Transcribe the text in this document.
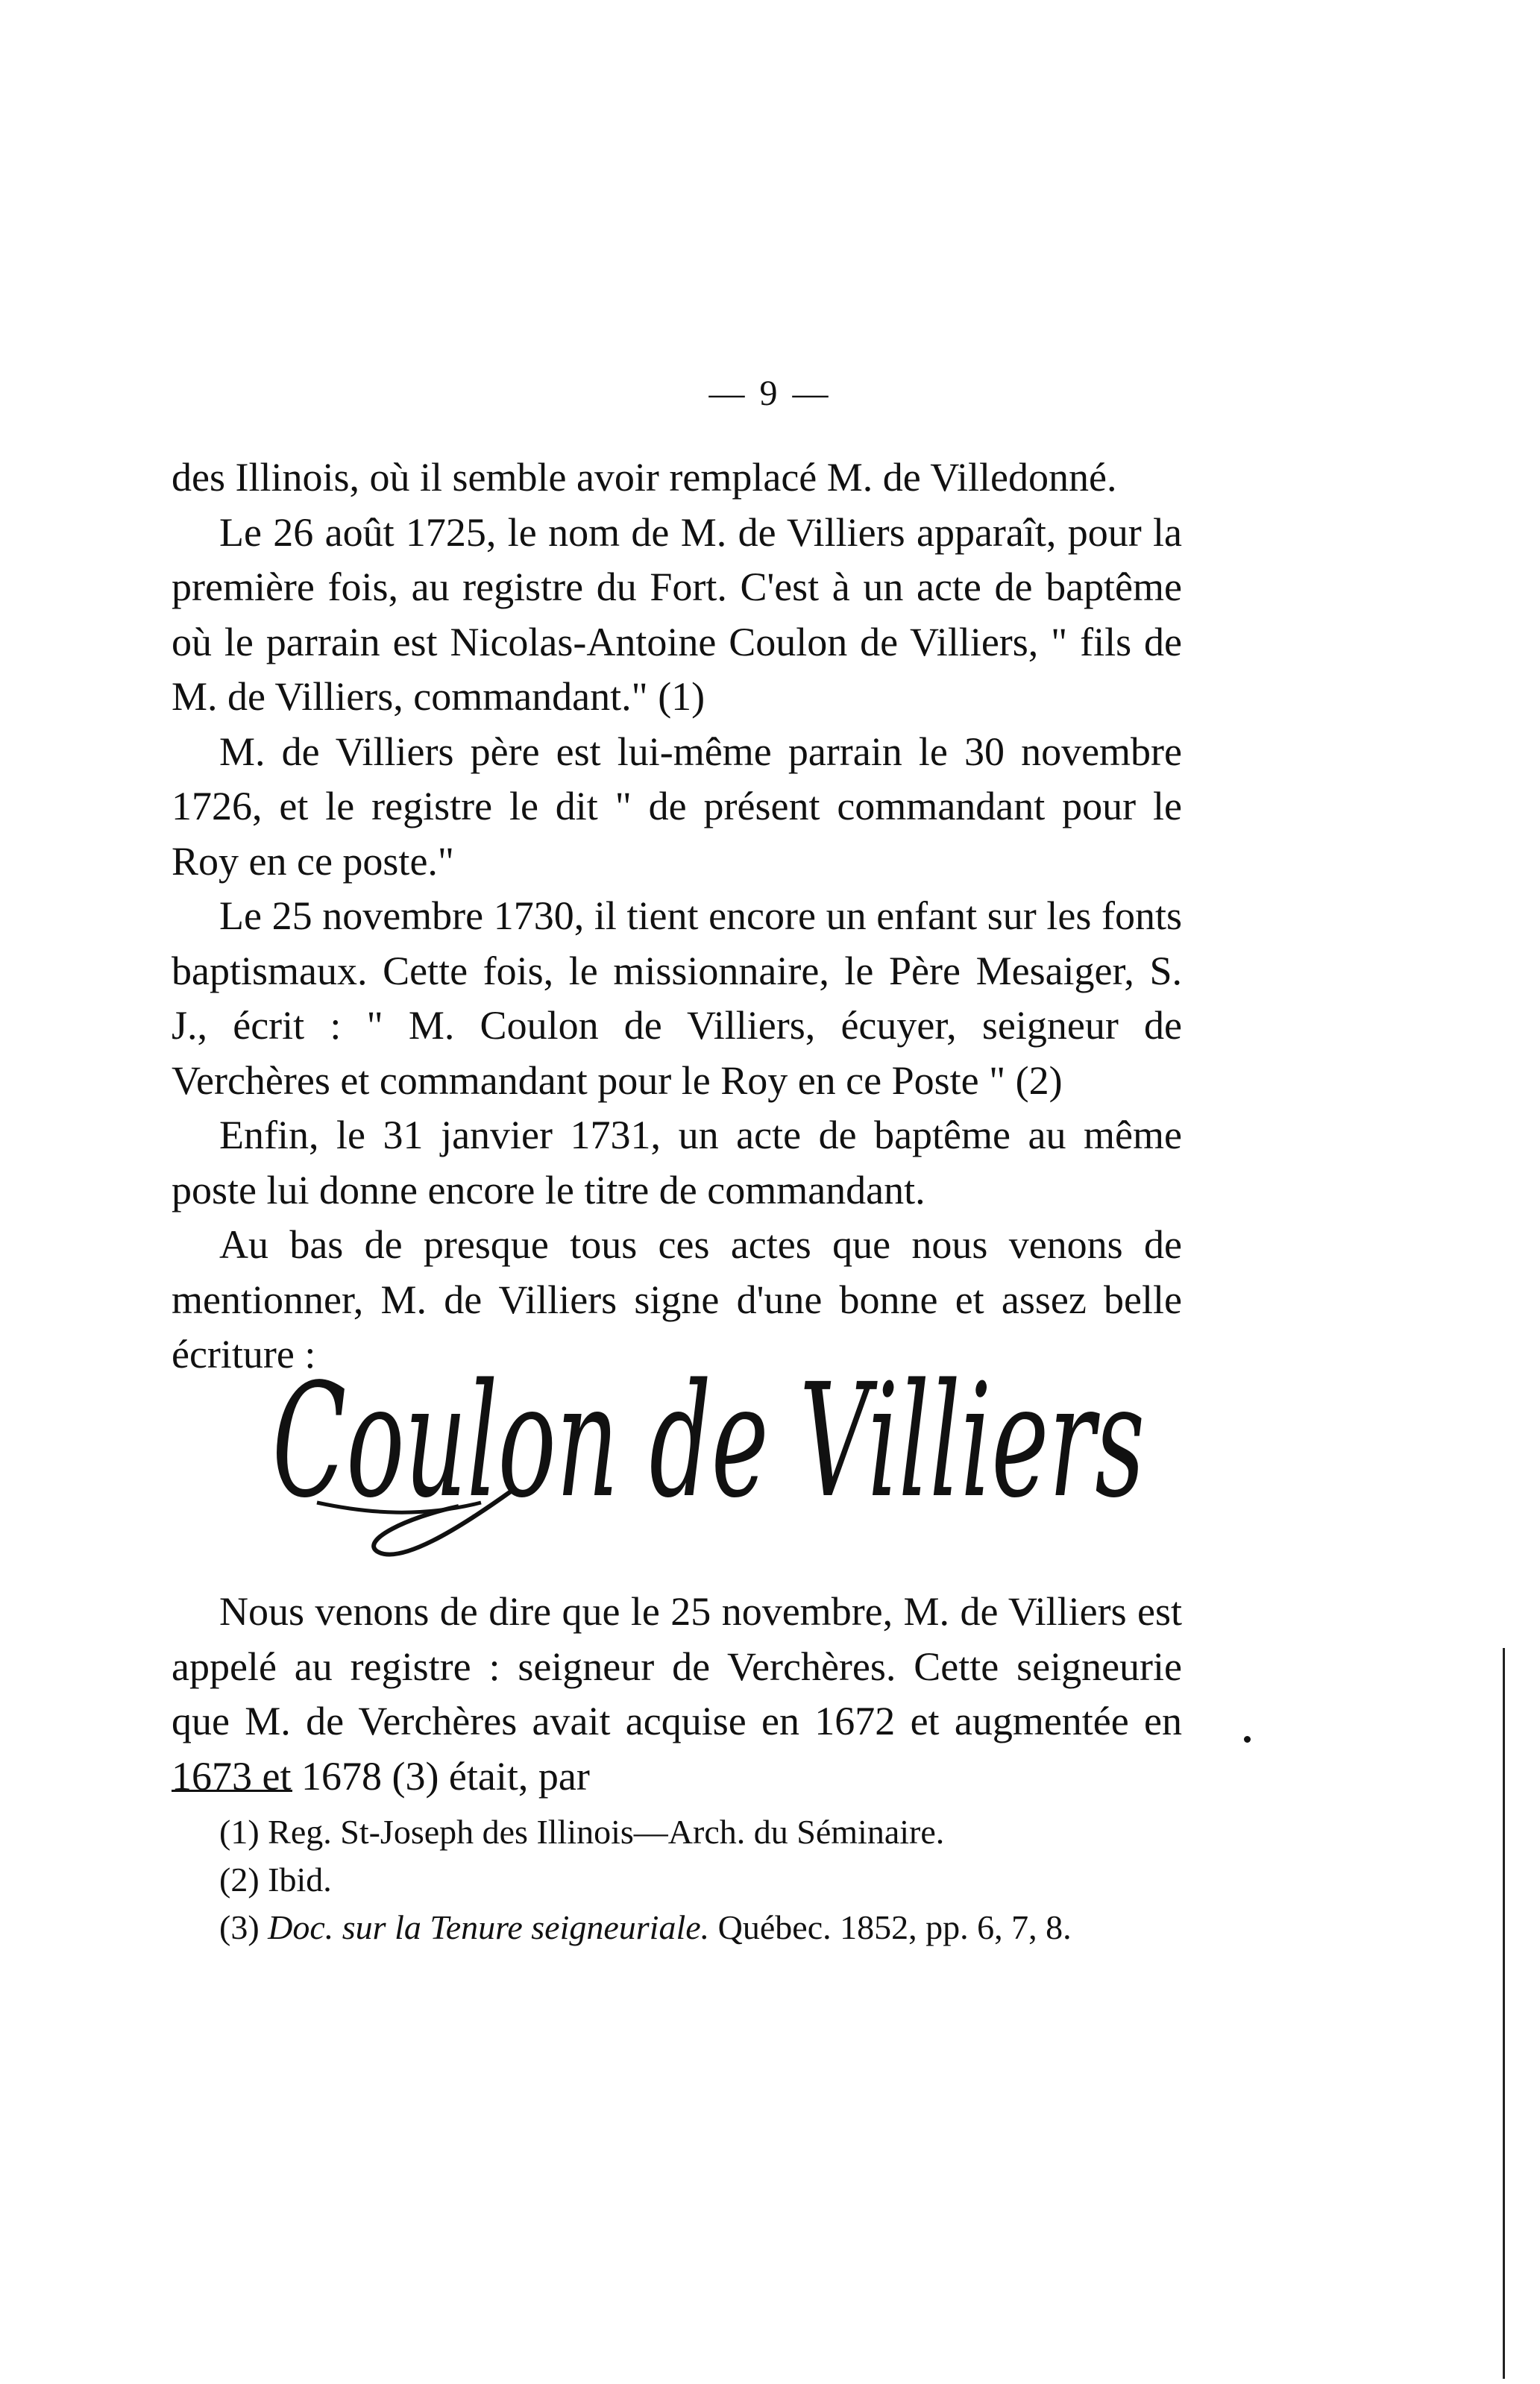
— 9 —

des Illinois, où il semble avoir remplacé M. de Villedonné.

Le 26 août 1725, le nom de M. de Villiers apparaît, pour la première fois, au registre du Fort. C'est à un acte de baptême où le parrain est Nicolas-Antoine Coulon de Villiers, " fils de M. de Villiers, commandant." (1)

M. de Villiers père est lui-même parrain le 30 novembre 1726, et le registre le dit " de présent commandant pour le Roy en ce poste."

Le 25 novembre 1730, il tient encore un enfant sur les fonts baptismaux. Cette fois, le missionnaire, le Père Mesaiger, S. J., écrit : " M. Coulon de Villiers, écuyer, seigneur de Verchères et commandant pour le Roy en ce Poste " (2)

Enfin, le 31 janvier 1731, un acte de baptême au même poste lui donne encore le titre de commandant.

Au bas de presque tous ces actes que nous venons de mentionner, M. de Villiers signe d'une bonne et assez belle écriture :

Coulon de Villiers

Nous venons de dire que le 25 novembre, M. de Villiers est appelé au registre : seigneur de Verchères. Cette seigneurie que M. de Verchères avait acquise en 1672 et augmentée en 1673 et 1678 (3) était, par

(1) Reg. St-Joseph des Illinois—Arch. du Séminaire.

(2) Ibid.

(3) Doc. sur la Tenure seigneuriale. Québec. 1852, pp. 6, 7, 8.
